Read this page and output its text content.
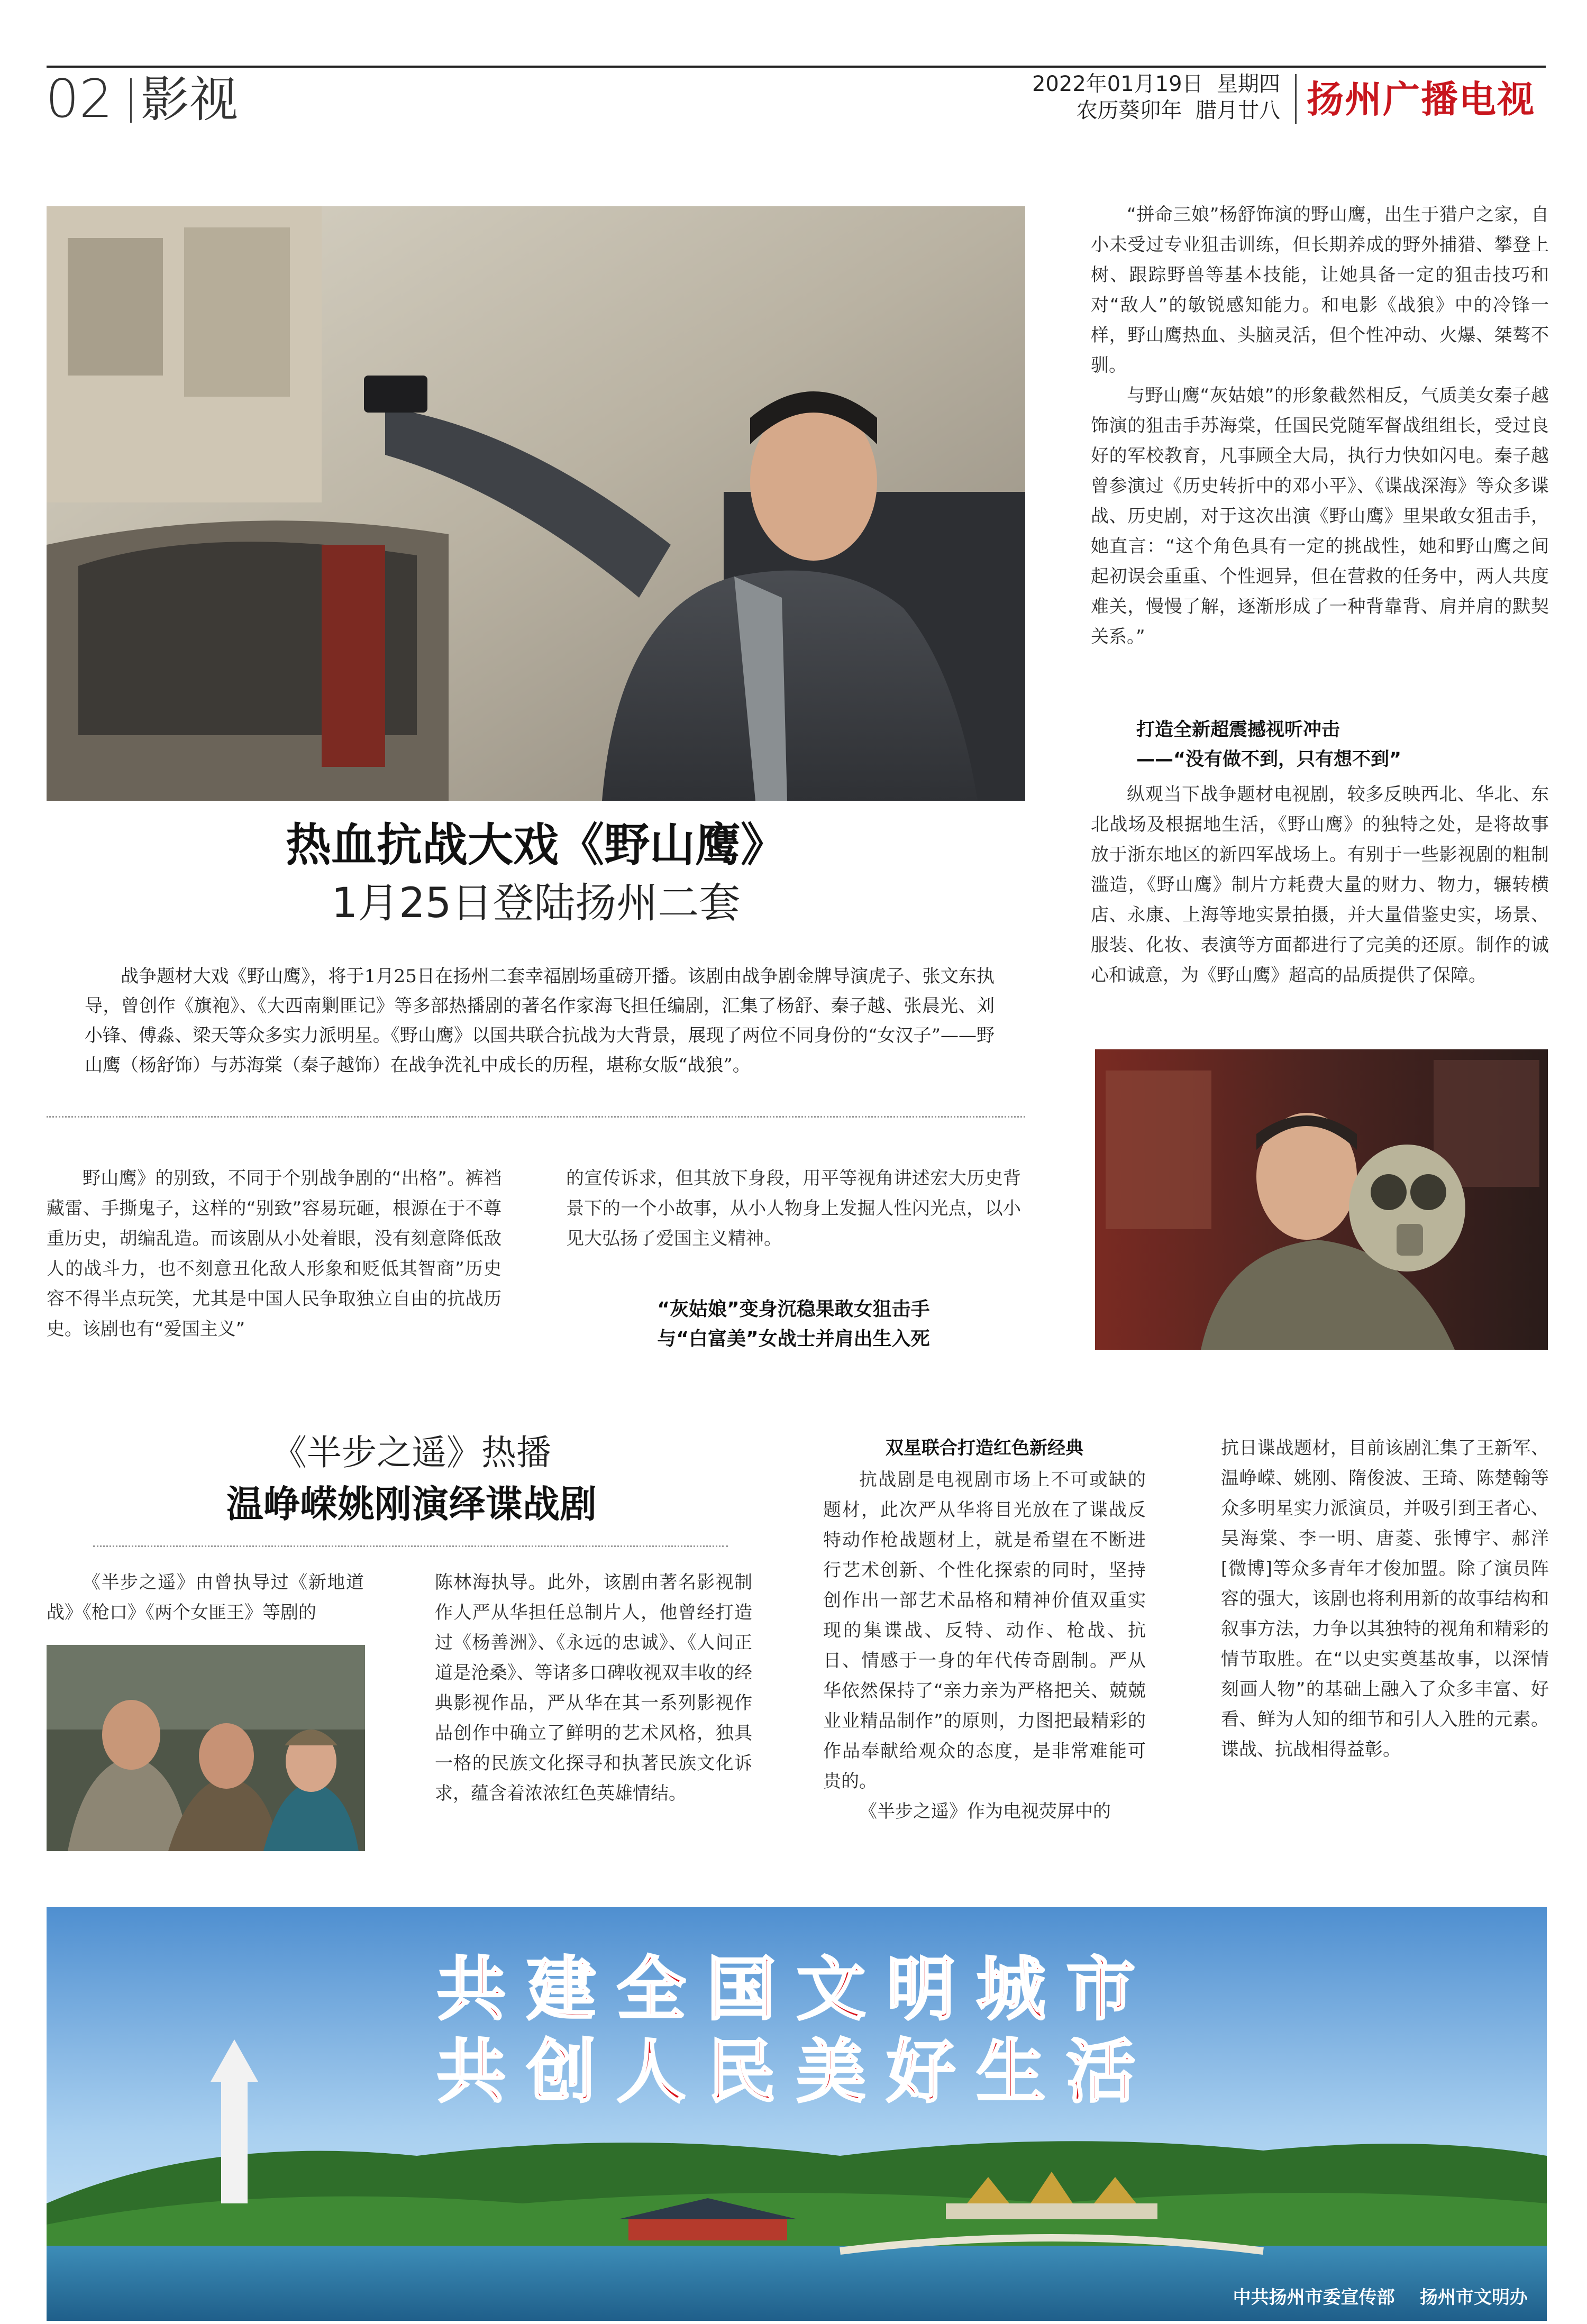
02 影视	2022年01月19日  星期四
农历葵卯年  腊月廿八 扬州广播电视
热血抗战大戏《野山鹰》
1月25日登陆扬州二套
战争题材大戏《野山鹰》，将于1月25日在扬州二套幸福剧场重磅开播。该剧由战争剧金牌导演虎子、张文东执导，曾创作《旗袍》、《大西南剿匪记》等多部热播剧的著名作家海飞担任编剧，汇集了杨舒、秦子越、张晨光、刘小锋、傅淼、梁天等众多实力派明星。《野山鹰》以国共联合抗战为大背景，展现了两位不同身份的“女汉子”——野山鹰（杨舒饰）与苏海棠（秦子越饰）在战争洗礼中成长的历程，堪称女版“战狼”。

野山鹰》的别致，不同于个别战争剧的“出格”。裤裆藏雷、手撕鬼子，这样的“别致”容易玩砸，根源在于不尊重历史，胡编乱造。而该剧从小处着眼，没有刻意降低敌人的战斗力，也不刻意丑化敌人形象和贬低其智商”历史容不得半点玩笑，尤其是中国人民争取独立自由的抗战历史。该剧也有“爱国主义”

的宣传诉求，但其放下身段，用平等视角讲述宏大历史背景下的一个小故事，从小人物身上发掘人性闪光点，以小见大弘扬了爱国主义精神。

“灰姑娘”变身沉稳果敢女狙击手
与“白富美”女战士并肩出生入死

“拼命三娘”杨舒饰演的野山鹰，出生于猎户之家，自小未受过专业狙击训练，但长期养成的野外捕猎、攀登上树、跟踪野兽等基本技能，让她具备一定的狙击技巧和对“敌人”的敏锐感知能力。和电影《战狼》中的冷锋一样，野山鹰热血、头脑灵活，但个性冲动、火爆、桀骜不驯。

与野山鹰“灰姑娘”的形象截然相反，气质美女秦子越饰演的狙击手苏海棠，任国民党随军督战组组长，受过良好的军校教育，凡事顾全大局，执行力快如闪电。秦子越曾参演过《历史转折中的邓小平》、《谍战深海》等众多谍战、历史剧，对于这次出演《野山鹰》里果敢女狙击手，她直言：“这个角色具有一定的挑战性，她和野山鹰之间起初误会重重、个性迥异，但在营救的任务中，两人共度难关，慢慢了解，逐渐形成了一种背靠背、肩并肩的默契关系。”

打造全新超震撼视听冲击
——“没有做不到，只有想不到”

纵观当下战争题材电视剧，较多反映西北、华北、东北战场及根据地生活，《野山鹰》的独特之处，是将故事放于浙东地区的新四军战场上。有别于一些影视剧的粗制滥造，《野山鹰》制片方耗费大量的财力、物力，辗转横店、永康、上海等地实景拍摄，并大量借鉴史实，场景、服装、化妆、表演等方面都进行了完美的还原。制作的诚心和诚意，为《野山鹰》超高的品质提供了保障。

《半步之遥》热播
温峥嵘姚刚演绎谍战剧

《半步之遥》由曾执导过《新地道战》《枪口》《两个女匪王》等剧的

陈林海执导。此外，该剧由著名影视制作人严从华担任总制片人，他曾经打造过《杨善洲》、《永远的忠诚》、《人间正道是沧桑》、等诸多口碑收视双丰收的经典影视作品，严从华在其一系列影视作品创作中确立了鲜明的艺术风格，独具一格的民族文化探寻和执著民族文化诉求，蕴含着浓浓红色英雄情结。

双星联合打造红色新经典

抗战剧是电视剧市场上不可或缺的题材，此次严从华将目光放在了谍战反特动作枪战题材上，就是希望在不断进行艺术创新、个性化探索的同时，坚持创作出一部艺术品格和精神价值双重实现的集谍战、反特、动作、枪战、抗日、情感于一身的年代传奇剧制。严从华依然保持了“亲力亲为严格把关、兢兢业业精品制作”的原则，力图把最精彩的作品奉献给观众的态度，是非常难能可贵的。

《半步之遥》作为电视荧屏中的

抗日谍战题材，目前该剧汇集了王新军、温峥嵘、姚刚、隋俊波、王琦、陈楚翰等众多明星实力派演员，并吸引到王者心、吴海棠、李一明、唐菱、张博宇、郝洋[微博]等众多青年才俊加盟。除了演员阵容的强大，该剧也将利用新的故事结构和叙事方法，力争以其独特的视角和精彩的情节取胜。在“以史实奠基故事，以深情刻画人物”的基础上融入了众多丰富、好看、鲜为人知的细节和引人入胜的元素。谍战、抗战相得益彰。

共建全国文明城市
共创人民美好生活
中共扬州市委宣传部    扬州市文明办
